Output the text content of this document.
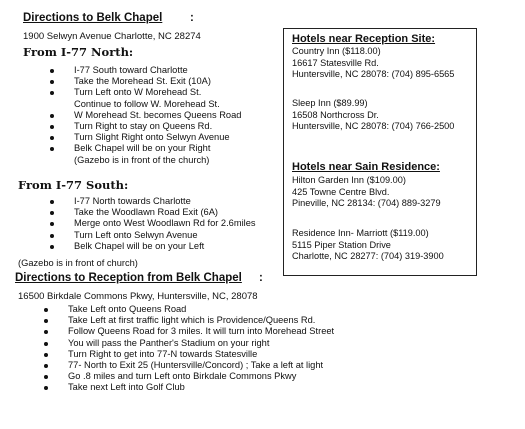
Directions to Belk Chapel :
1900 Selwyn Avenue Charlotte, NC 28274
From I-77 North:
I-77 South toward Charlotte
Take the Morehead St. Exit (10A)
Turn Left onto W Morehead St.
Continue to follow W. Morehead St.
W Morehead St. becomes Queens Road
Turn Right to stay on Queens Rd.
Turn Slight Right onto Selwyn Avenue
Belk Chapel will be on your Right
(Gazebo is in front of the church)
From I-77 South:
I-77 North towards Charlotte
Take the Woodlawn Road Exit (6A)
Merge onto West Woodlawn Rd for 2.6miles
Turn Left onto Selwyn Avenue
Belk Chapel will be on your Left
(Gazebo is in front of church)
Directions to Reception from Belk Chapel :
16500 Birkdale Commons Pkwy, Huntersville, NC, 28078
Take Left onto Queens Road
Take Left at first traffic light which is Providence/Queens Rd.
Follow Queens Road for 3 miles. It will turn into Morehead Street
You will pass the Panther's Stadium on your right
Turn Right to get into 77-N towards Statesville
77- North to Exit 25 (Huntersville/Concord) ; Take a left at light
Go .8 miles and turn Left onto Birkdale Commons Pkwy
Take next Left into Golf Club
Hotels near Reception Site:
Country Inn ($118.00)
16617 Statesville Rd.
Huntersville, NC 28078: (704) 895-6565
Sleep Inn ($89.99)
16508 Northcross Dr.
Huntersville, NC 28078: (704) 766-2500
Hotels near Sain Residence:
Hilton Garden Inn ($109.00)
425 Towne Centre Blvd.
Pineville, NC 28134: (704) 889-3279
Residence Inn- Marriott ($119.00)
5115 Piper Station Drive
Charlotte, NC 28277: (704) 319-3900
